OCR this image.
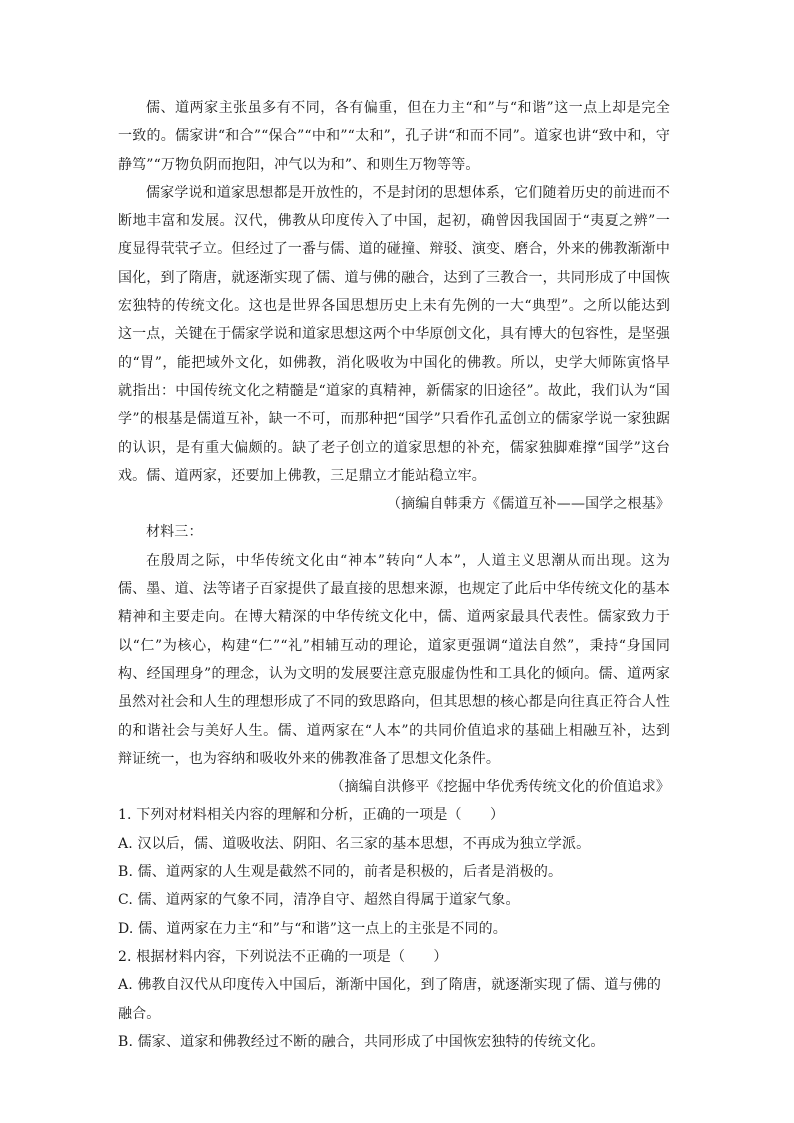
儒、道两家主张虽多有不同，各有偏重，但在力主“和”与“和谐”这一点上却是完全一致的。儒家讲“和合”“保合”“中和”“太和”，孔子讲“和而不同”。道家也讲“致中和，守静笃”“万物负阴而抱阳，冲气以为和”、和则生万物等等。

儒家学说和道家思想都是开放性的，不是封闭的思想体系，它们随着历史的前进而不断地丰富和发展。汉代，佛教从印度传入了中国，起初，确曾因我国固于“夷夏之辨”一度显得茕茕孑立。但经过了一番与儒、道的碰撞、辩驳、演变、磨合，外来的佛教渐渐中国化，到了隋唐，就逐渐实现了儒、道与佛的融合，达到了三教合一，共同形成了中国恢宏独特的传统文化。这也是世界各国思想历史上未有先例的一大“典型”。之所以能达到这一点，关键在于儒家学说和道家思想这两个中华原创文化，具有博大的包容性，是坚强的“胃”，能把域外文化，如佛教，消化吸收为中国化的佛教。所以，史学大师陈寅恪早就指出：中国传统文化之精髓是“道家的真精神，新儒家的旧途径”。故此，我们认为“国学”的根基是儒道互补，缺一不可，而那种把“国学”只看作孔孟创立的儒家学说一家独踞的认识，是有重大偏颇的。缺了老子创立的道家思想的补充，儒家独脚难撑“国学”这台戏。儒、道两家，还要加上佛教，三足鼎立才能站稳立牢。

（摘编自韩秉方《儒道互补——国学之根基》

材料三：

在殷周之际，中华传统文化由“神本”转向“人本”，人道主义思潮从而出现。这为儒、墨、道、法等诸子百家提供了最直接的思想来源，也规定了此后中华传统文化的基本精神和主要走向。在博大精深的中华传统文化中，儒、道两家最具代表性。儒家致力于以“仁”为核心，构建“仁”“礼”相辅互动的理论，道家更强调“道法自然”，秉持“身国同构、经国理身”的理念，认为文明的发展要注意克服虚伪性和工具化的倾向。儒、道两家虽然对社会和人生的理想形成了不同的致思路向，但其思想的核心都是向往真正符合人性的和谐社会与美好人生。儒、道两家在“人本”的共同价值追求的基础上相融互补，达到辩证统一，也为容纳和吸收外来的佛教准备了思想文化条件。

（摘编自洪修平《挖掘中华优秀传统文化的价值追求》

1. 下列对材料相关内容的理解和分析，正确的一项是（　　）

A. 汉以后，儒、道吸收法、阴阳、名三家的基本思想，不再成为独立学派。

B. 儒、道两家的人生观是截然不同的，前者是积极的，后者是消极的。

C. 儒、道两家的气象不同，清净自守、超然自得属于道家气象。

D. 儒、道两家在力主“和”与“和谐”这一点上的主张是不同的。

2. 根据材料内容，下列说法不正确的一项是（　　）

A. 佛教自汉代从印度传入中国后，渐渐中国化，到了隋唐，就逐渐实现了儒、道与佛的融合。

B. 儒家、道家和佛教经过不断的融合，共同形成了中国恢宏独特的传统文化。
